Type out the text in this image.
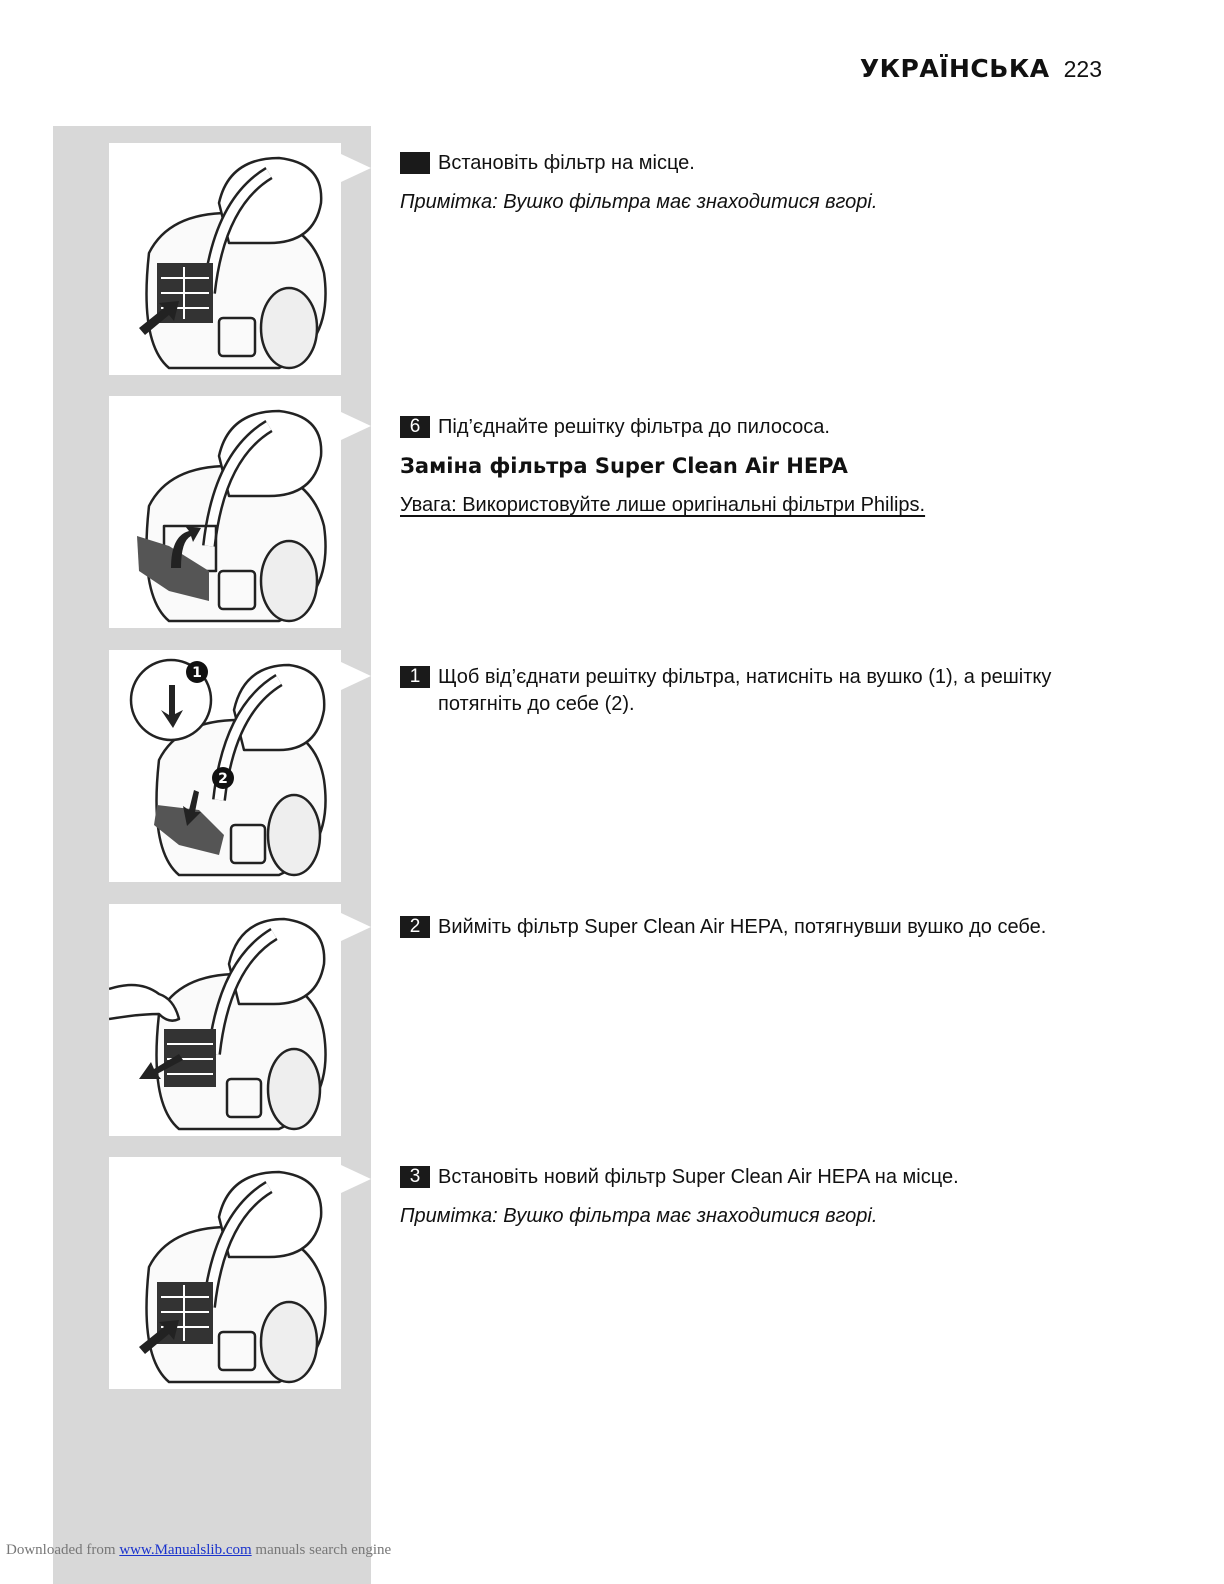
УКРАЇНСЬКА 223
1
2
Встановіть фільтр на місце.
Примітка: Вушко фільтра має знаходитися вгорі.
6 Під’єднайте решітку фільтра до пилососа.
Заміна фільтра Super Clean Air HEPA
Увага: Використовуйте лише оригінальні фільтри Philips.
1 Щоб від’єднати решітку фільтра, натисніть на вушко (1), а решітку потягніть до себе (2).
2 Вийміть фільтр Super Clean Air HEPA, потягнувши вушко до себе.
3 Встановіть новий фільтр Super Clean Air HEPA на місце.
Примітка: Вушко фільтра має знаходитися вгорі.
Downloaded from www.Manualslib.com manuals search engine
